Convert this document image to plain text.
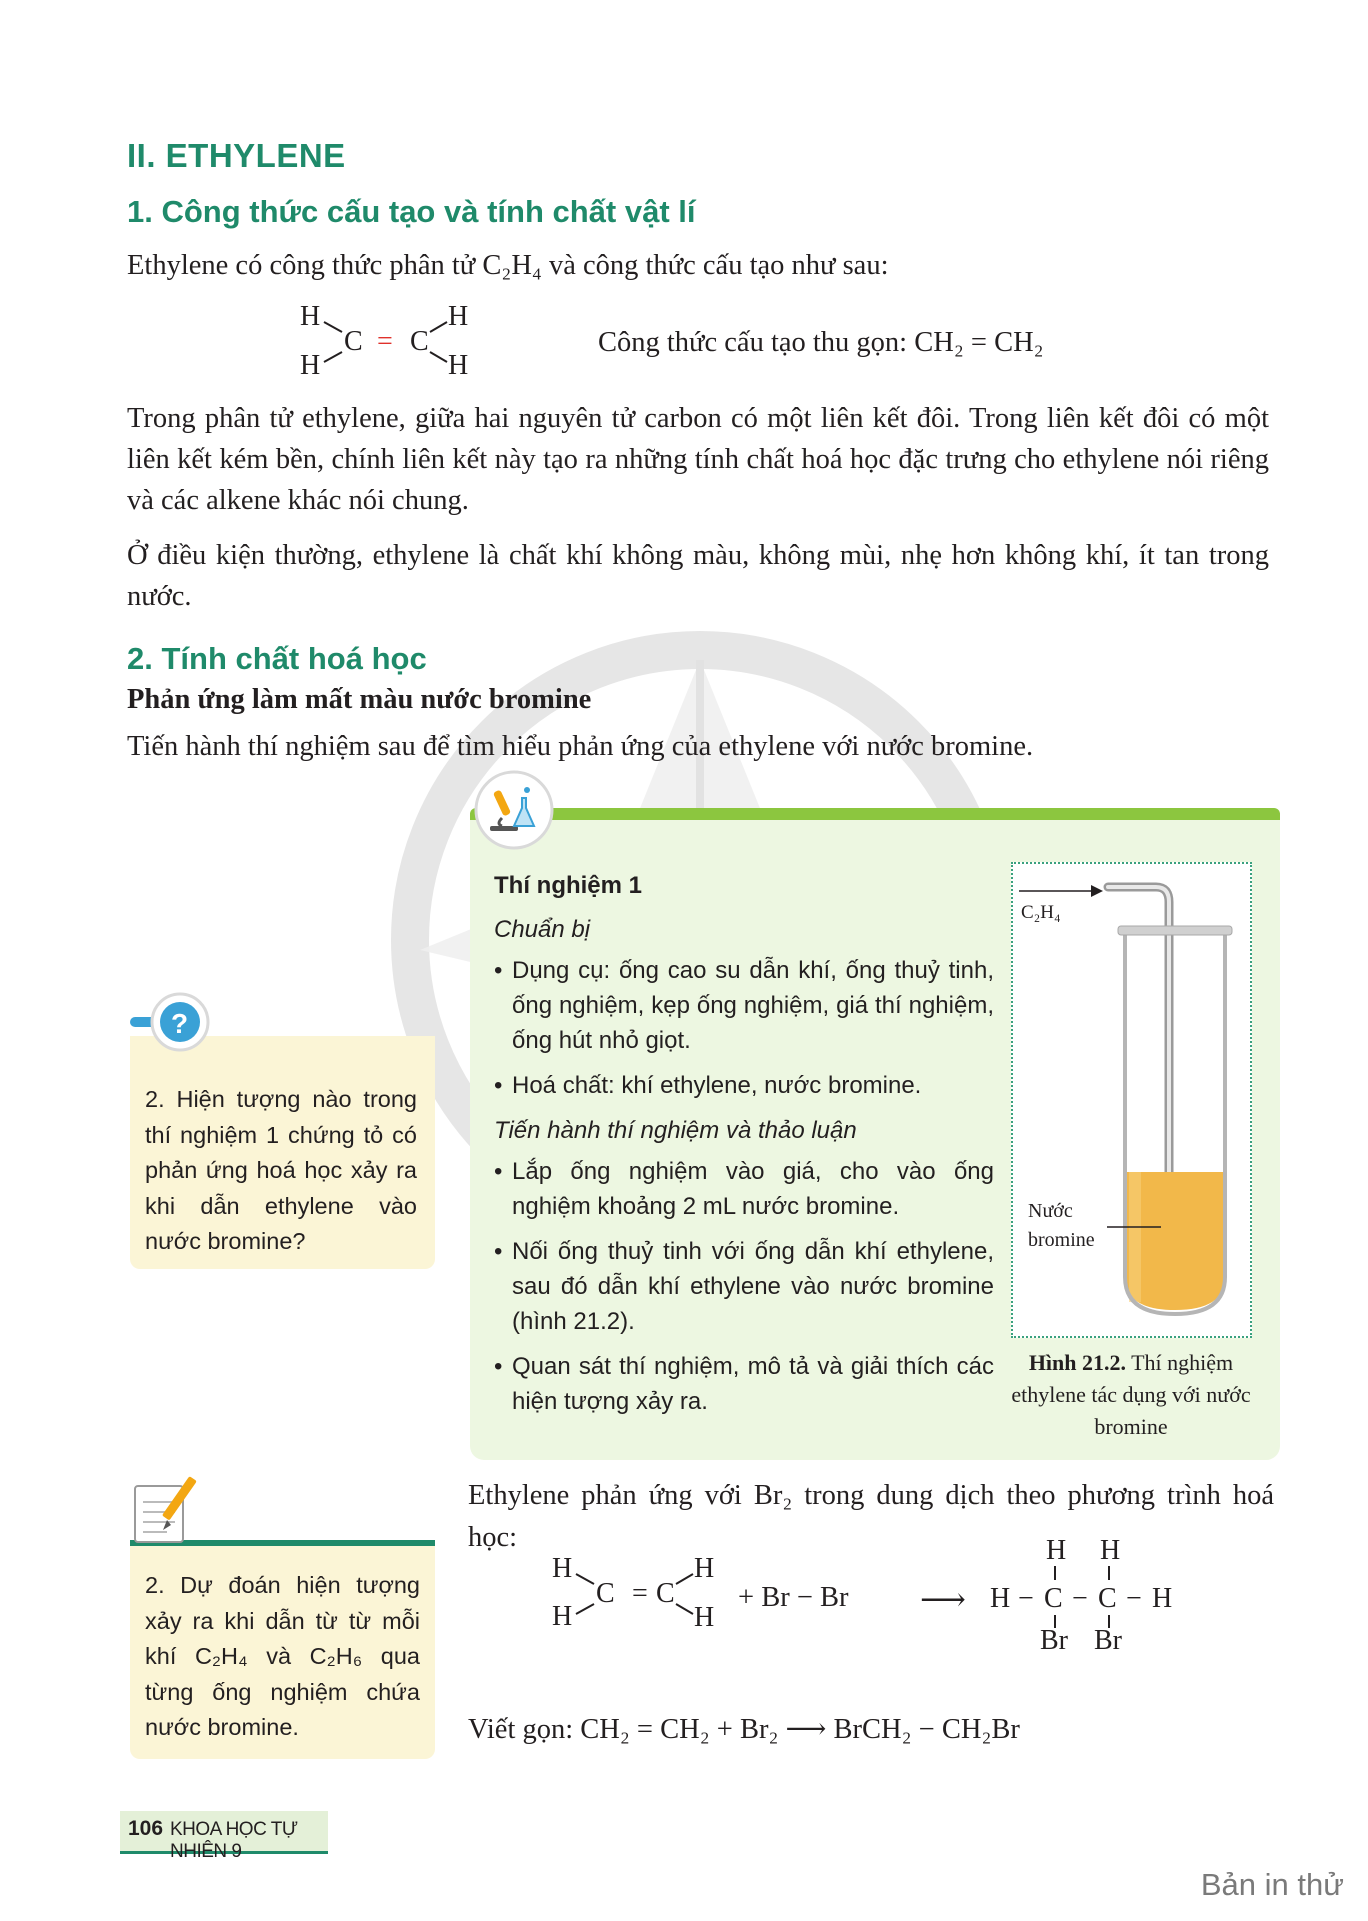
II. ETHYLENE
1. Công thức cấu tạo và tính chất vật lí
Ethylene có công thức phân tử C₂H₄ và công thức cấu tạo như sau:
H
H
C C
H
H
=	Công thức cấu tạo thu gọn: CH₂ = CH₂
Trong phân tử ethylene, giữa hai nguyên tử carbon có một liên kết đôi. Trong liên kết đôi có một liên kết kém bền, chính liên kết này tạo ra những tính chất hoá học đặc trưng cho ethylene nói riêng và các alkene khác nói chung.
Ở điều kiện thường, ethylene là chất khí không màu, không mùi, nhẹ hơn không khí, ít tan trong nước.
2. Tính chất hoá học
Phản ứng làm mất màu nước bromine
Tiến hành thí nghiệm sau để tìm hiểu phản ứng của ethylene với nước bromine.
Thí nghiệm 1
Chuẩn bị
• Dụng cụ: ống cao su dẫn khí, ống thuỷ tinh, ống nghiệm, kẹp ống nghiệm, giá thí nghiệm, ống hút nhỏ giọt.
• Hoá chất: khí ethylene, nước bromine.
Tiến hành thí nghiệm và thảo luận
• Lắp ống nghiệm vào giá, cho vào ống nghiệm khoảng 2 mL nước bromine.
• Nối ống thuỷ tinh với ống dẫn khí ethylene, sau đó dẫn khí ethylene vào nước bromine (hình 21.2).
• Quan sát thí nghiệm, mô tả và giải thích các hiện tượng xảy ra.
C₂H₄
Nước
bromine
Hình 21.2. Thí nghiệm ethylene tác dụng với nước bromine
?
2. Hiện tượng nào trong thí nghiệm 1 chứng tỏ có phản ứng hoá học xảy ra khi dẫn ethylene vào nước bromine?
2. Dự đoán hiện tượng xảy ra khi dẫn từ từ mỗi khí C₂H₄ và C₂H₆ qua từng ống nghiệm chứa nước bromine.
Ethylene phản ứng với Br₂ trong dung dịch theo phương trình hoá học:
H
H
C = C
H
H
+ Br − Br ⟶
H H
H − C − C − H
Br Br
Viết gọn: CH₂ = CH₂ + Br₂ ⟶ BrCH₂ − CH₂Br
106 KHOA HỌC TỰ NHIÊN 9
Bản in thử
